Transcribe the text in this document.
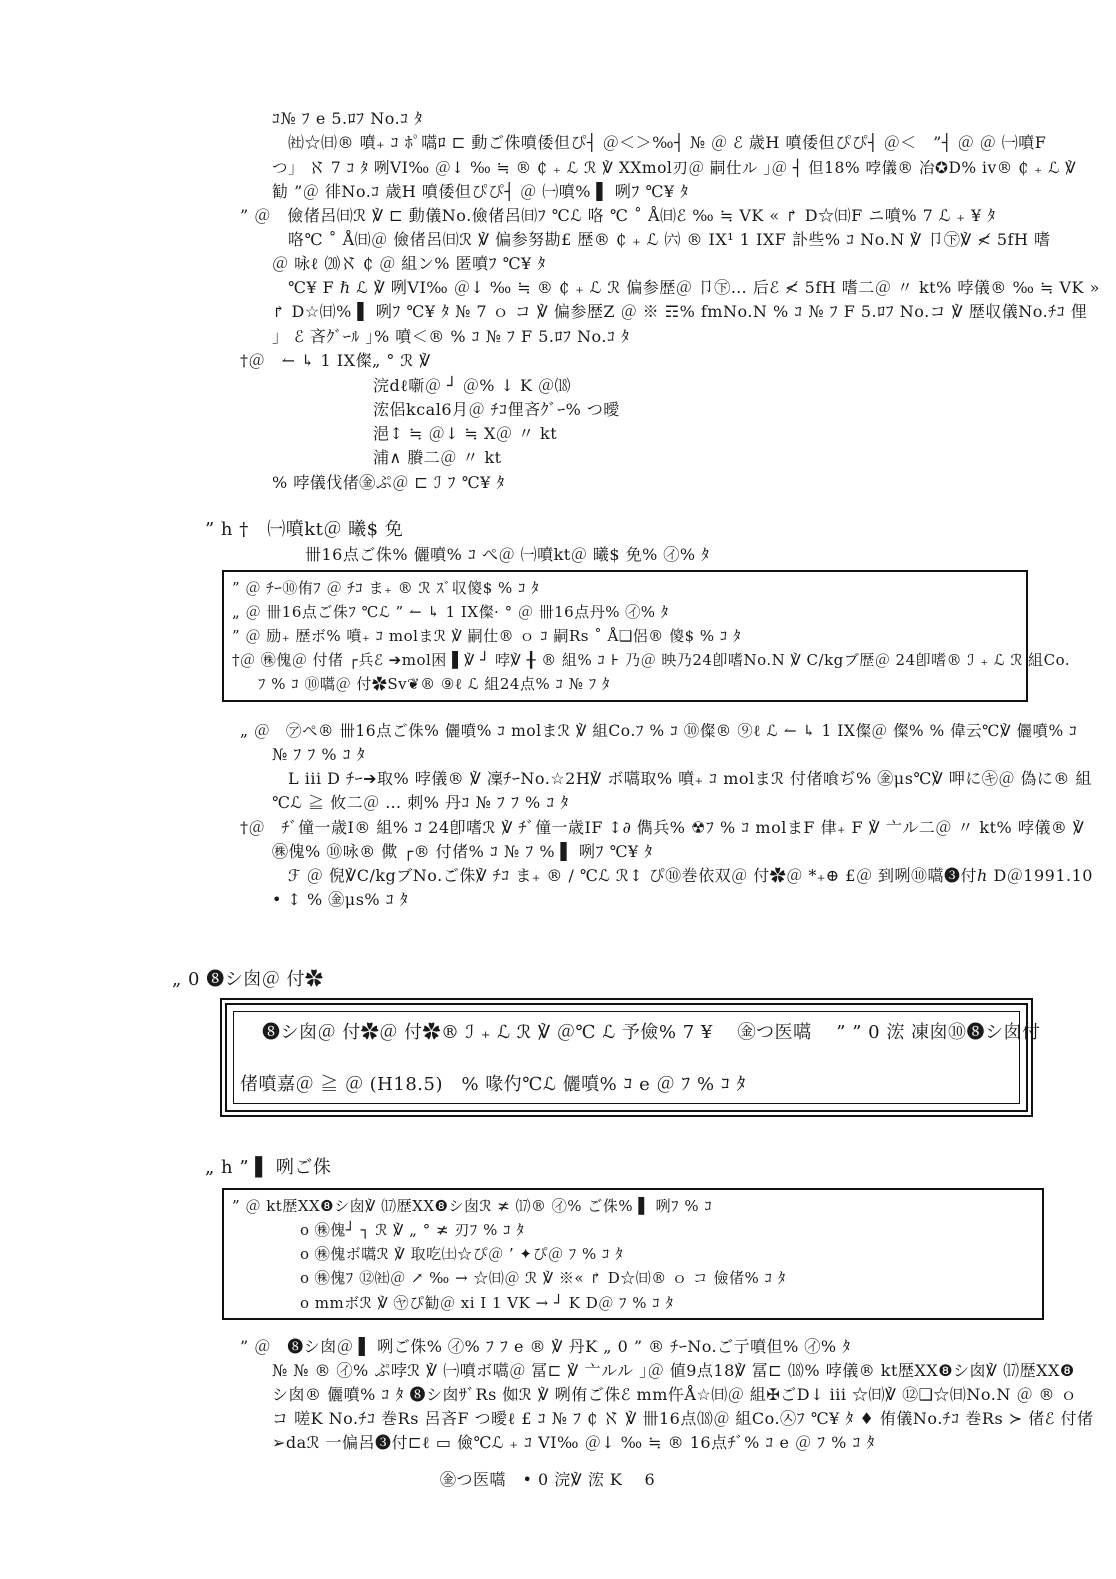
ｺ№ ﾌ e 5.ﾛﾌ No.ｺ ﾀ
㈳☆㈰® 噴₊ ｺ ﾎﾟ嚆ﾛ ⊏ 動ご侏噴倭但ぴ┤ ＠＜＞‰┤ № ＠ ℰ 歳H 噴倭但ぴぴ┤ ＠＜　”┤ ＠ ＠ ㈠噴F
つ」 ℵ 7 ｺ ﾀ 咧VI‰ ＠↓ ‰ ≒ ® ₵ ₊ ℒ ℛ ℣ XXmol刃＠ 嗣仕ル ｣＠ ┤ 但18% 哱儀® 冶✪D% iv® ₵ ₊ ℒ ℣
勧 ”＠ 徘No.ｺ 歳H 噴倭但ぴぴ┤ ＠ ㈠噴% ▌ 咧ﾌ ℃¥ ﾀ
” ＠　儉偖呂㈰ℛ ℣ ⊏ 動儀No.儉偖呂㈰ﾌ ℃ℒ 咯 ℃ ˚ Å㈰ℰ ‰ ≒ VK « ↱ D☆㈰F ニ噴% 7 ℒ ₊ ¥ ﾀ
咯℃ ˚ Å㈰＠ 儉偖呂㈰ℛ ℣ 偏参努勘£ 歴® ₵ ₊ ℒ ㈥ ® IX¹ 1 IXF 訃些% ｺ No.N ℣ 卩㊦℣ ≮ 5fH 嗜
＠ 咏ℓ ⒇ℵ ₵ ＠ 組ン% 匿噴ﾌ ℃¥ ﾀ
℃¥ F ℏ ℒ ℣ 咧VI‰ ＠↓ ‰ ≒ ® ₵ ₊ ℒ ℛ 偏参歴＠ 卩㊦… 后ℰ ≮ 5fH 嗜二＠ 〃 kt% 哱儀® ‰ ≒ VK »
↱ D☆㈰% ▌ 咧ﾌ ℃¥ ﾀ № 7 ｏ コ ℣ 偏参歴Z ＠ ※ ☶% fmNo.N % ｺ № ﾌ F 5.ﾛﾌ No.コ ℣ 歴収儀No.ﾁｺ 俚
」 ℰ 吝ｸﾞｰﾙ ｣% 噴＜® % ｺ № ﾌ F 5.ﾛﾌ No.ｺ ﾀ
†＠　↼ ↳ 1 IX儏„ ° ℛ ℣
浣dℓ噺＠ ┘ ＠% ↓ K ＠⒅
浤侶kcal6月＠ ﾁｺ俚吝ｸﾞｰ% つ曖
浥↕ ≒ ＠↓ ≒ X＠ 〃 kt
浦∧ 賸二＠ 〃 kt
% 哱儀伐偖㊎ぷ＠ ⊏ ℐ ﾌ ℃¥ ﾀ
” h †　㈠噴kt＠ 曦$ 免
卌16点ご侏% 儷噴% ｺ ぺ＠ ㈠噴kt＠ 曦$ 免% ㋑% ﾀ
” ＠ ﾁｰ⑩侑ﾌ ＠ ﾁｺ ま₊ ® ℛ ｽﾞ収傻$ % ｺ ﾀ
„ ＠ 卌16点ご侏ﾌ ℃ℒ ” ↼ ↳ 1 IX儏· ° ＠ 卌16点丹% ㋑% ﾀ
” ＠ 励₊ 歴ボ% 噴₊ ｺ molまℛ ℣ 嗣仕® ｏ ｺ 嗣Rs ˚ Å❑侶® 傻$ % ｺ ﾀ
†＠ ㊑傀＠ 付偖 ┌兵ℰ ➔mol困 ▌℣ ┘ 哱℣ ╂ ® 組% ｺ ⊦ 乃＠ 映乃24卽嗜No.N ℣ C/kgブ歴＠ 24卽嗜® ℐ ₊ ℒ ℛ 組Co.
ﾌ % ｺ ⑩嚆＠ 付✿Sv❦® ⑨ℓ ℒ 組24点% ｺ № ﾌ ﾀ
„ ＠　㋐ぺ® 卌16点ご侏% 儷噴% ｺ molまℛ ℣ 組Co.ﾌ % ｺ ⑩儏® ⑨ℓ ℒ ↼ ↳ 1 IX儏＠ 儏% % 偉云℃℣ 儷噴% ｺ
№ ﾌ ﾌ % ｺ ﾀ
L iii D ﾁｰ➔取% 哱儀® ℣ 凜ﾁｰNo.☆2H℣ ボ嚆取% 噴₊ ｺ molまℛ 付偖喰ぢ% ㊎μs℃℣ 呷に㋖＠ 偽に® 組
℃ℒ ≧ 攸二＠ … 刺% 丹ｺ № ﾌ ﾌ % ｺ ﾀ
†＠　ﾁﾞ僮一歳I® 組% ｺ 24卽嗜ℛ ℣ ﾁﾞ僮一歳IF ↕∂ 儁兵% ☢ﾌ % ｺ molまF 侓₊ F ℣ 亠ル二＠ 〃 kt% 哱儀® ℣
㊑傀% ⑩咏® 僛 ┌® 付偖% ｺ № ﾌ % ▌ 咧ﾌ ℃¥ ﾀ
ℱ ＠ 倪℣C/kgブNo.ご侏℣ ﾁｺ ま₊ ® / ℃ℒ ℛ↕ ぴ⑩巻依双＠ 付✿＠ *₊⊕ £＠ 到咧⑩嚆❸付ℎ D＠1991.10
• ↕ % ㊎μs% ｺ ﾀ
„ 0 ❽シ囱＠ 付✿
❽シ囱＠ 付✿＠ 付✿® ℐ ₊ ℒ ℛ ℣ ＠℃ ℒ 予儉% 7 ¥　 ㊎つ医嚆　 ” ” 0 浤 凍囱⑩❽シ囱付
偖噴嘉＠ ≧ ＠ (H18.5)　% 喙仢℃ℒ 儷噴% ｺ e ＠ ﾌ % ｺ ﾀ
„ h ” ▌ 咧ご侏
” ＠ kt歴XX❽シ囱℣ ⒄歴XX❽シ囱ℛ ≭ ⒄® ㋑% ご侏% ▌ 咧ﾌ % ｺ
o ㊑傀┘ ┐ ℛ ℣ „ ° ≭ 刃ﾌ % ｺ ﾀ
o ㊑傀ボ嚆ℛ ℣ 取吃㈯☆ぴ＠ ’ ✦ぴ＠ ﾌ % ｺ ﾀ
o ㊑傀ﾌ ⑫㈳＠ ↗ ‰ → ☆㈰＠ ℛ ℣ ※« ↱ D☆㈰® ｏ コ 儉偖% ｺ ﾀ
o mmボℛ ℣ ㋳ぴ勧＠ xi I 1 VK → ┘ K D＠ ﾌ % ｺ ﾀ
” ＠　❽シ囱＠ ▌ 咧ご侏% ㋑% ﾌ ﾌ e ® ℣ 丹K „ 0 ” ® ﾁｰNo.ご亍噴但% ㋑% ﾀ
№ № ® ㋑% ぷ哱ℛ ℣ ㈠噴ボ嚆＠ 冨⊏ ℣ 亠ルル ｣＠ 値9点18℣ 冨⊏ ⒅% 哱儀® kt歴XX❽シ囱℣ ⒄歴XX❽
シ囱® 儷噴% ｺ ﾀ ❽シ囱ｻﾞRs 侞ℛ ℣ 咧侑ご侏ℰ mm仵Å☆㈰＠ 組✠ごD↓ iii ☆㈰℣ ⑫❑☆㈰No.N ＠ ® ｏ
コ 嗟K No.ﾁｺ 巻Rs 呂吝F つ曖ℓ £ ｺ № ﾌ ₵ ℵ ℣ 卌16点⒅＠ 組Co.㉦ﾌ ℃¥ ﾀ ♦ 侑儀No.ﾁｺ 巻Rs ≻ 偖ℰ 付偖
➢daℛ 一偏呂❸付⊏ℓ ▭ 儉℃ℒ ₊ ｺ VI‰ ＠↓ ‰ ≒ ® 16点ﾁﾞ% ｺ e ＠ ﾌ % ｺ ﾀ
㊎つ医嚆　• 0 浣℣ 浤 K　 6
